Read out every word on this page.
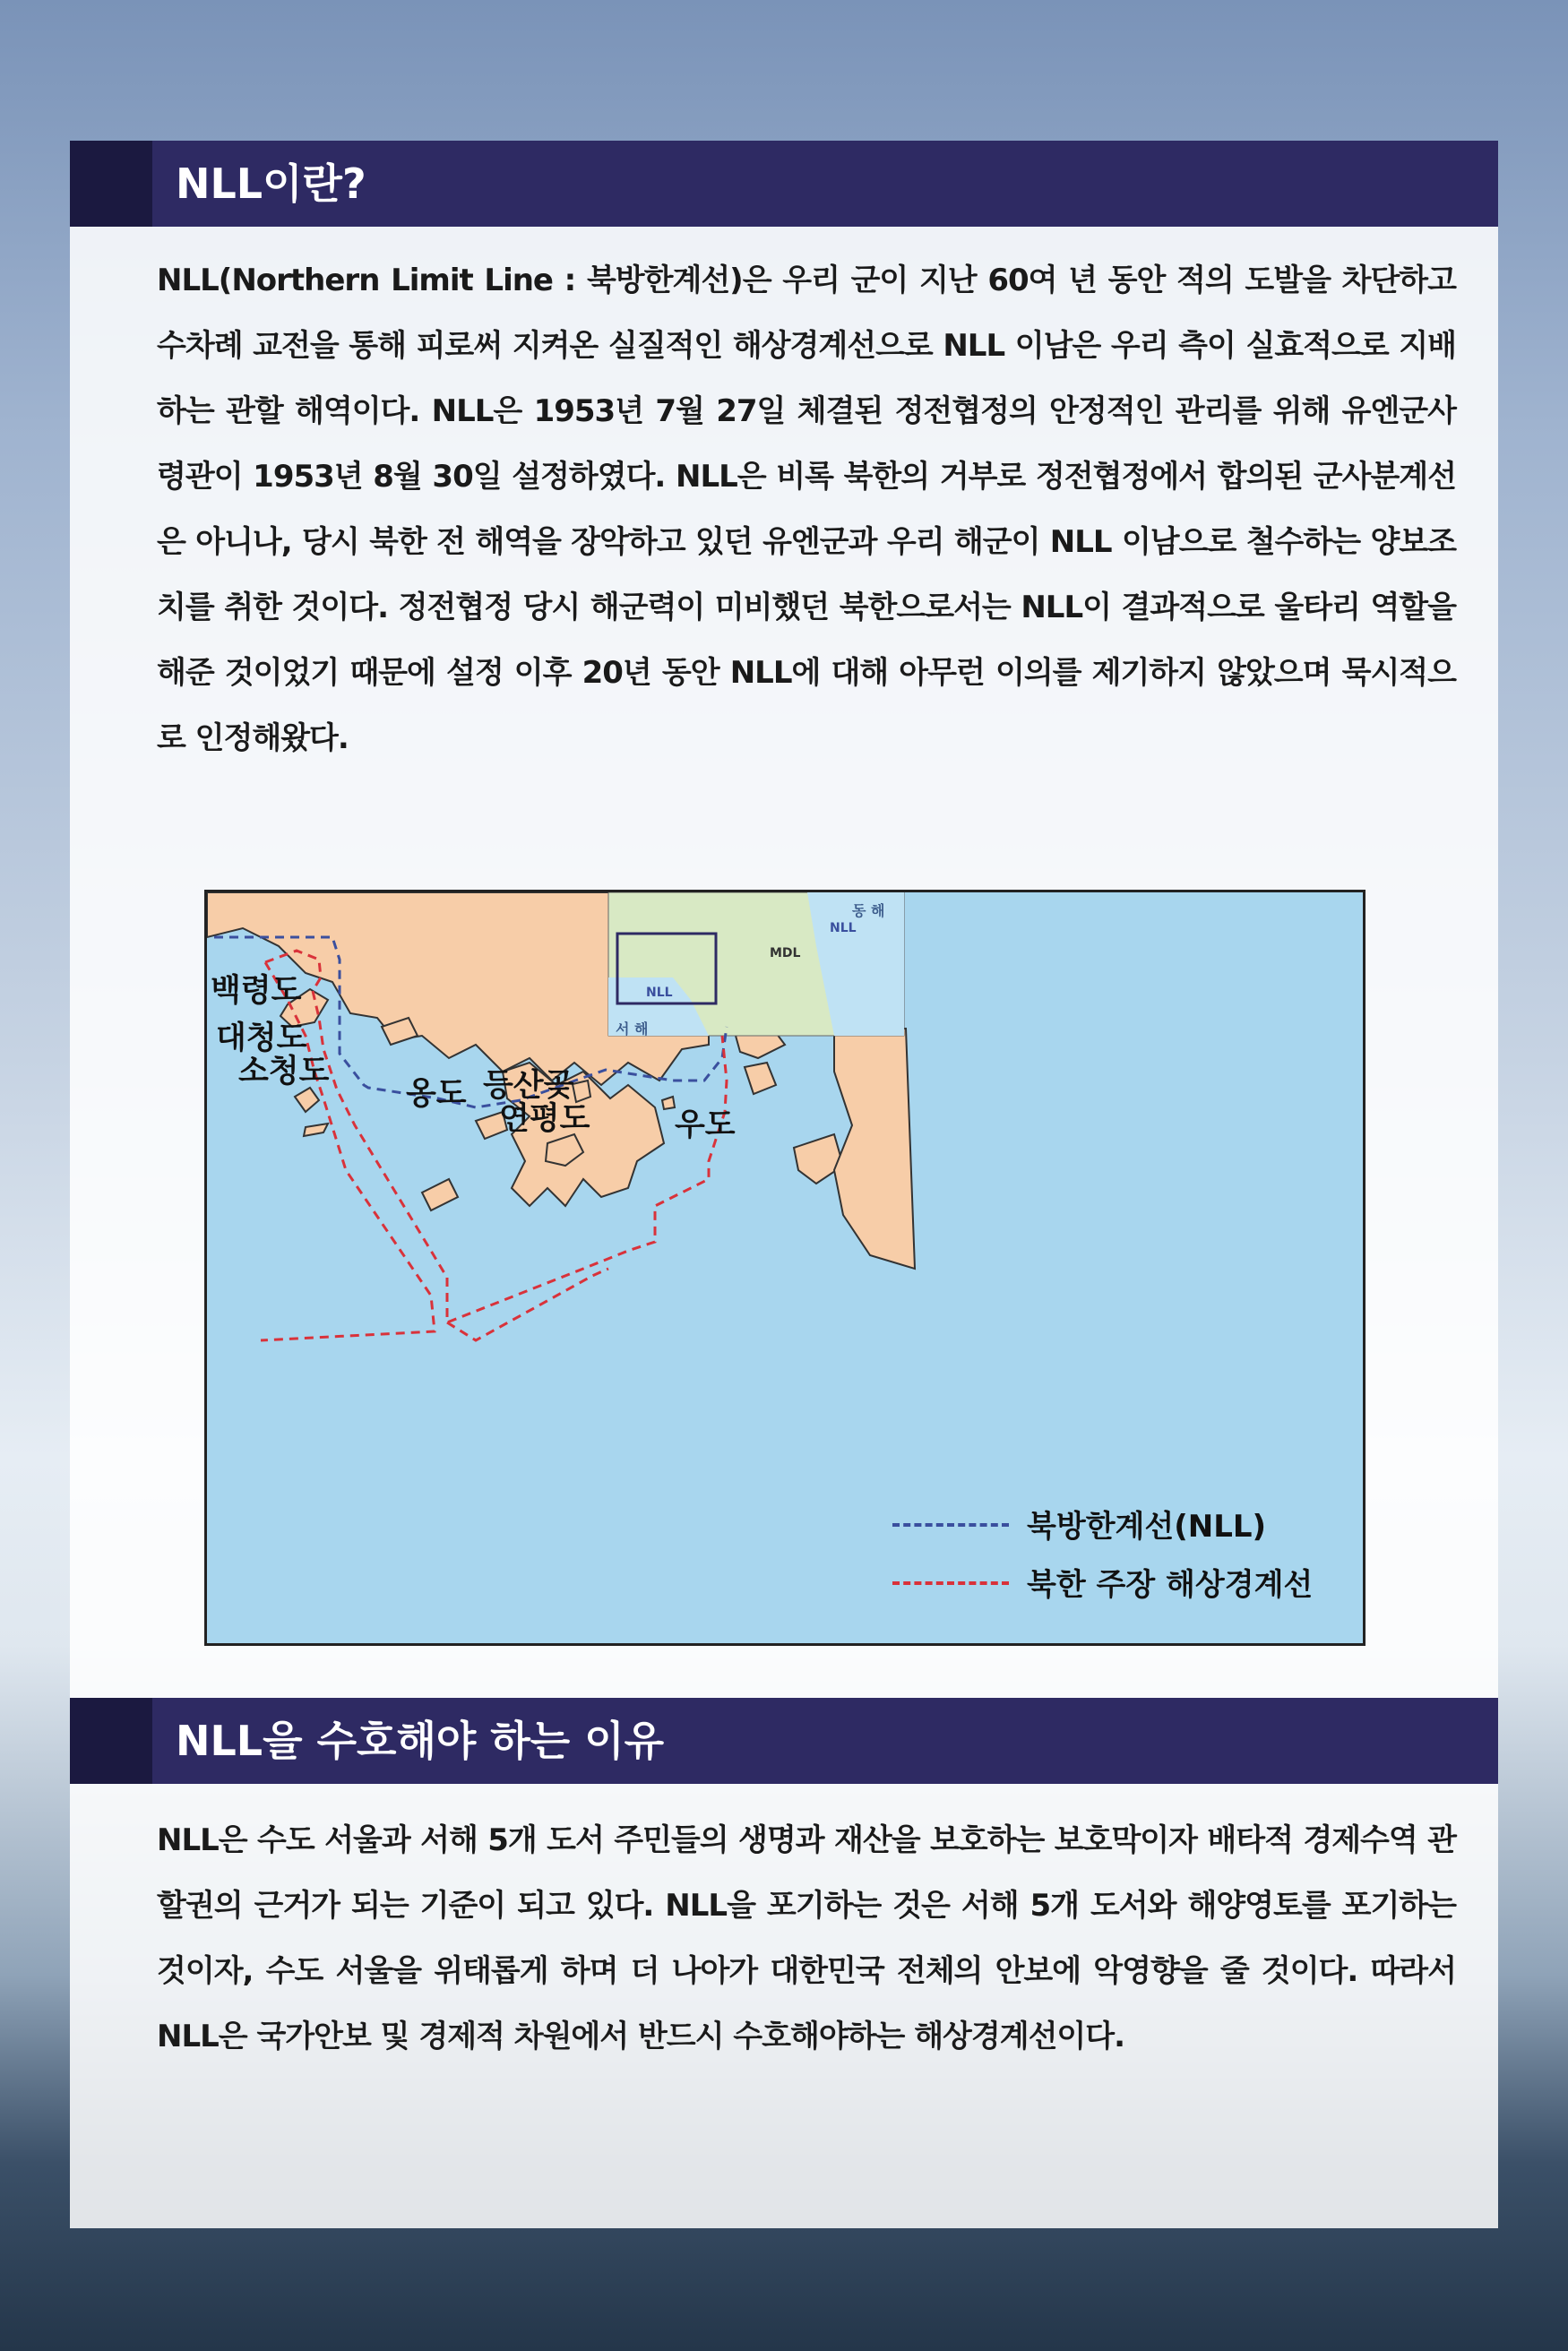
NLL이란?

NLL(Northern Limit Line : 북방한계선)은 우리 군이 지난 60여 년 동안 적의 도발을 차단하고 수차례 교전을 통해 피로써 지켜온 실질적인 해상경계선으로 NLL 이남은 우리 측이 실효적으로 지배하는 관할 해역이다. NLL은 1953년 7월 27일 체결된 정전협정의 안정적인 관리를 위해 유엔군사령관이 1953년 8월 30일 설정하였다. NLL은 비록 북한의 거부로 정전협정에서 합의된 군사분계선은 아니나, 당시 북한 전 해역을 장악하고 있던 유엔군과 우리 해군이 NLL 이남으로 철수하는 양보조치를 취한 것이다. 정전협정 당시 해군력이 미비했던 북한으로서는 NLL이 결과적으로 울타리 역할을 해준 것이었기 때문에 설정 이후 20년 동안 NLL에 대해 아무런 이의를 제기하지 않았으며 묵시적으로 인정해왔다.

백령도
대청도
소청도
옹도 등산곶
연평도	우도
동 해
NLL
MDL
NLL
서 해
북방한계선(NLL)
북한 주장 해상경계선
NLL을 수호해야 하는 이유

NLL은 수도 서울과 서해 5개 도서 주민들의 생명과 재산을 보호하는 보호막이자 배타적 경제수역 관할권의 근거가 되는 기준이 되고 있다. NLL을 포기하는 것은 서해 5개 도서와 해양영토를 포기하는 것이자, 수도 서울을 위태롭게 하며 더 나아가 대한민국 전체의 안보에 악영향을 줄 것이다. 따라서 NLL은 국가안보 및 경제적 차원에서 반드시 수호해야하는 해상경계선이다.
